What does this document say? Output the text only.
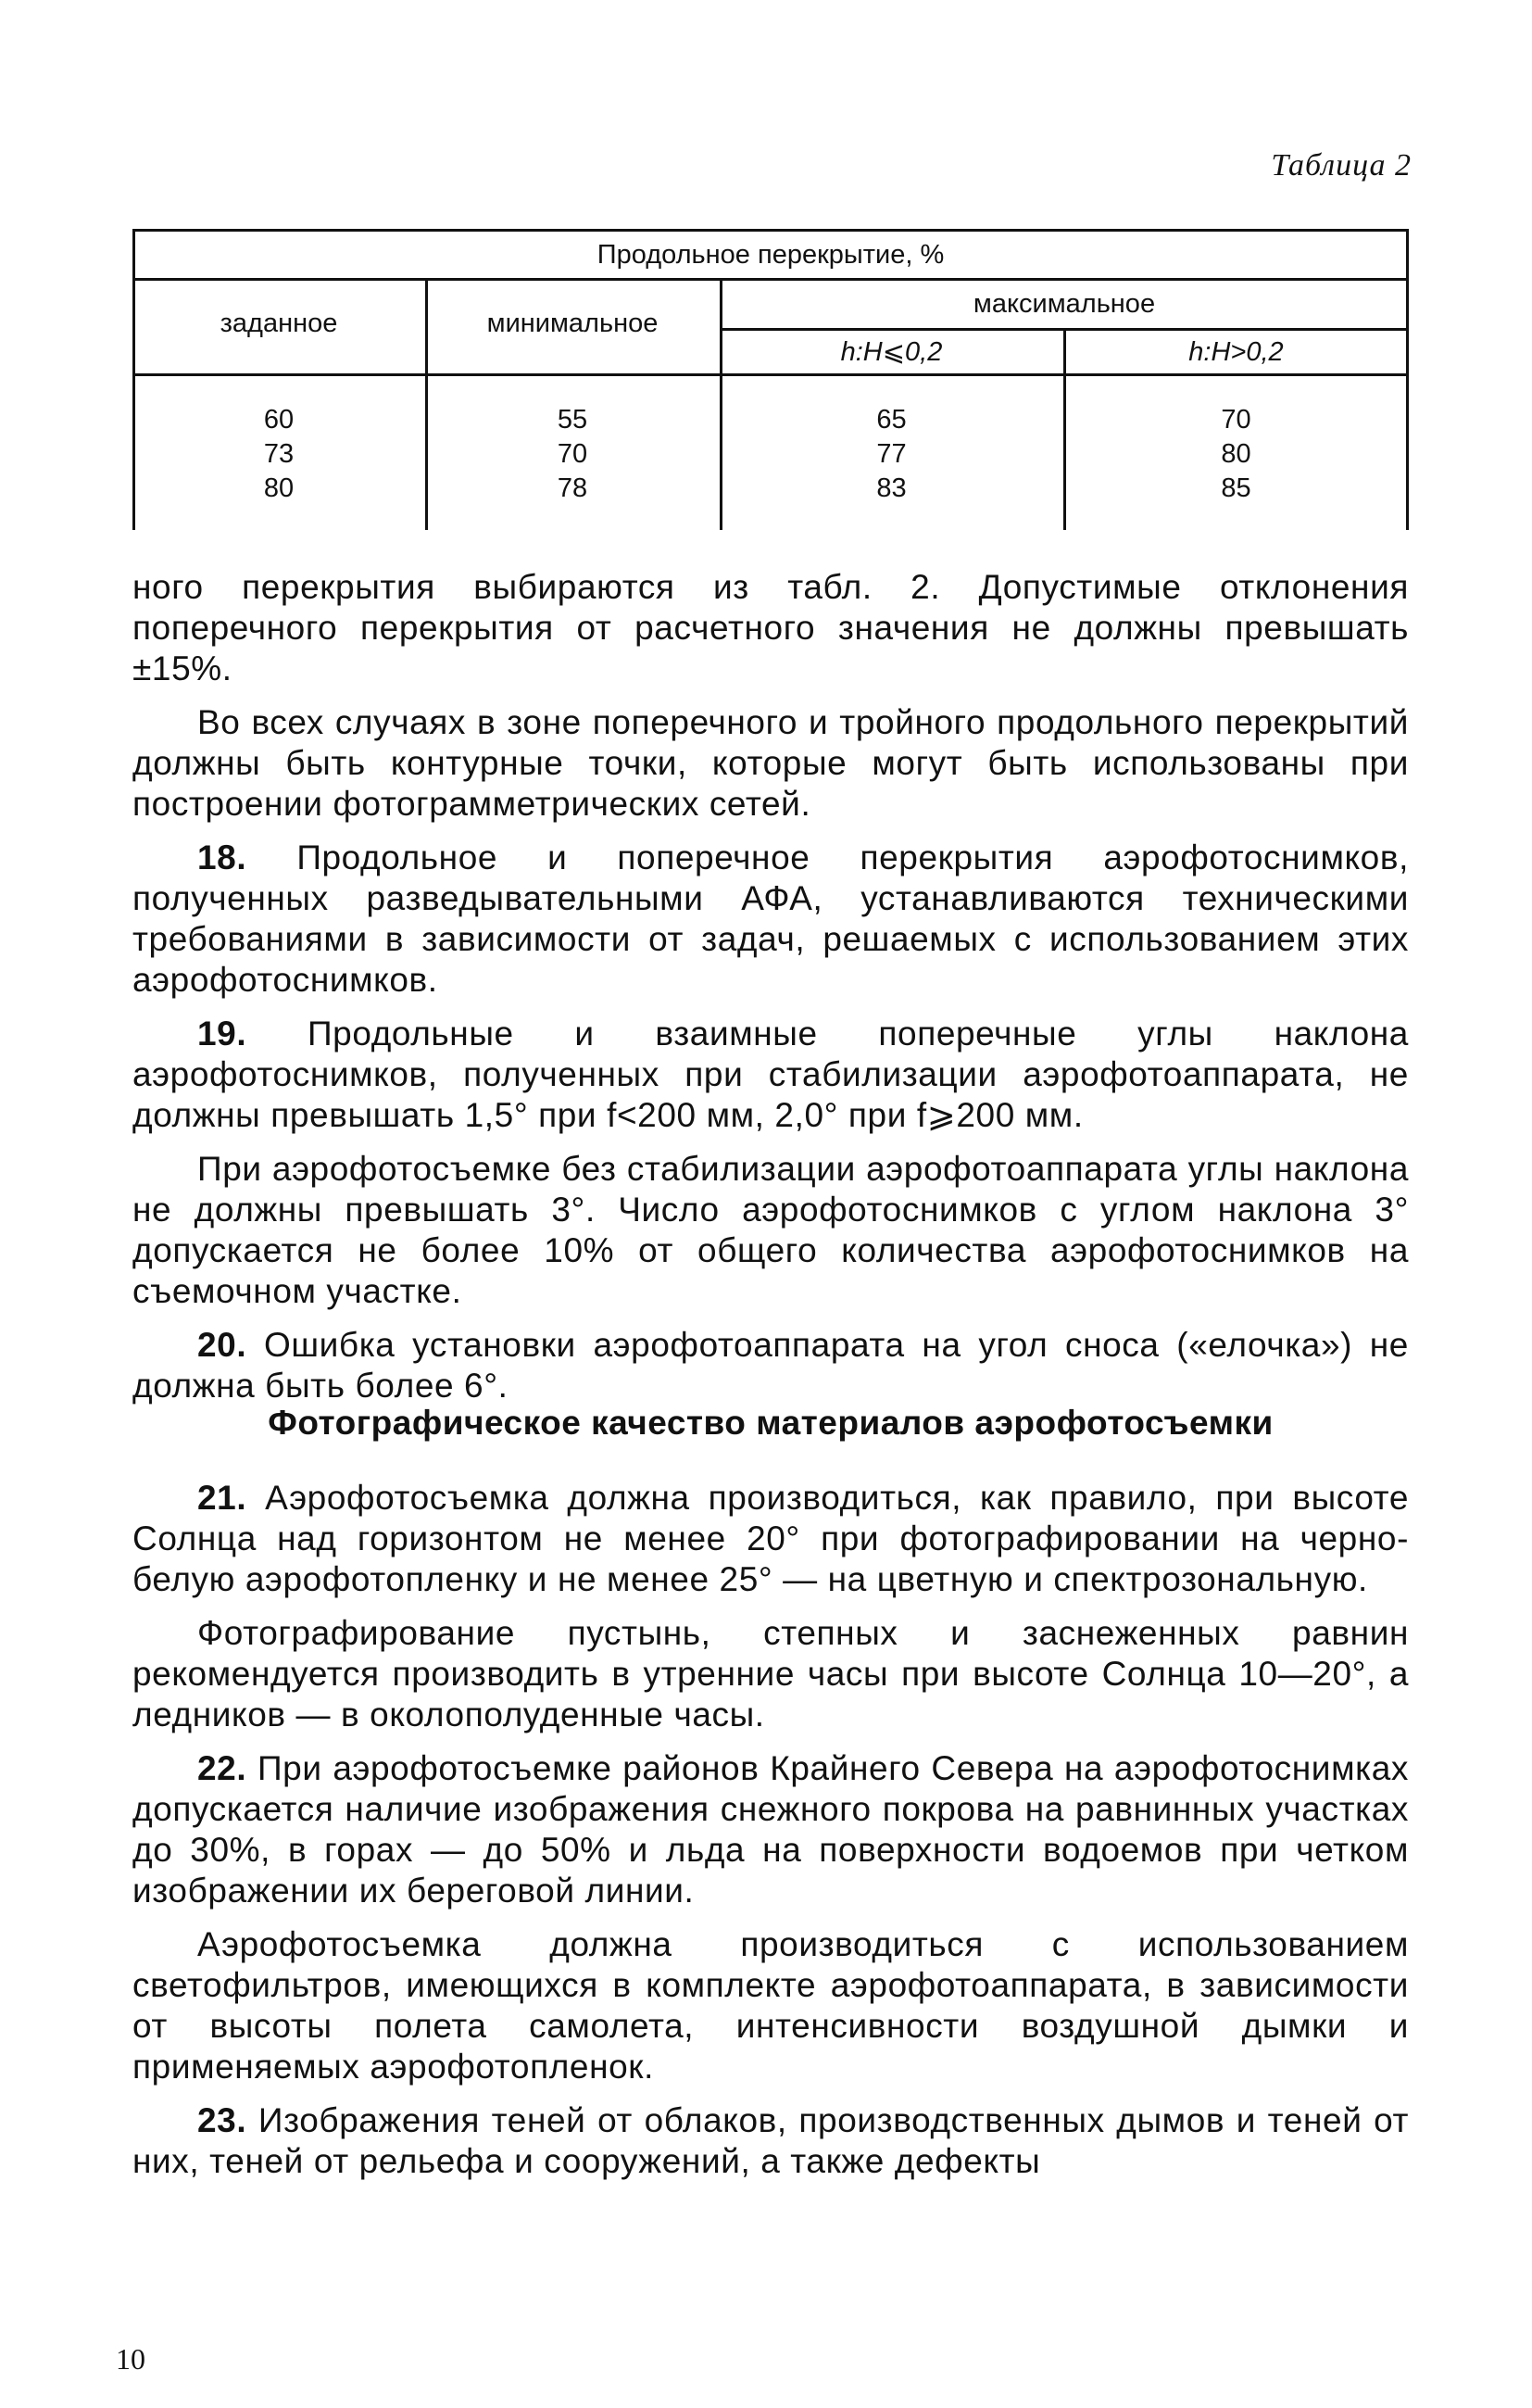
Таблица 2
Продольное перекрытие, %
заданное	минимальное
максимальное
h:H⩽0,2	h:H>0,2
60
73
80
55
70
78
65
77
83
70
80
85

ного перекрытия выбираются из табл. 2. Допустимые отклонения поперечного перекрытия от расчетного значения не должны превышать ±15%.

Во всех случаях в зоне поперечного и тройного продольного перекрытий должны быть контурные точки, которые могут быть использованы при построении фотограмметрических сетей.

18. Продольное и поперечное перекрытия аэрофотоснимков, полученных разведывательными АФА, устанавливаются техническими требованиями в зависимости от задач, решаемых с использованием этих аэрофотоснимков.

19. Продольные и взаимные поперечные углы наклона аэрофотоснимков, полученных при стабилизации аэрофотоаппарата, не должны превышать 1,5° при f<200 мм, 2,0° при f⩾200 мм.

При аэрофотосъемке без стабилизации аэрофотоаппарата углы наклона не должны превышать 3°. Число аэрофотоснимков с углом наклона 3° допускается не более 10% от общего количества аэрофотоснимков на съемочном участке.

20. Ошибка установки аэрофотоаппарата на угол сноса («елочка») не должна быть более 6°.

Фотографическое качество материалов аэрофотосъемки

21. Аэрофотосъемка должна производиться, как правило, при высоте Солнца над горизонтом не менее 20° при фотографировании на черно-белую аэрофотопленку и не менее 25° — на цветную и спектрозональную.

Фотографирование пустынь, степных и заснеженных равнин рекомендуется производить в утренние часы при высоте Солнца 10—20°, а ледников — в околополуденные часы.

22. При аэрофотосъемке районов Крайнего Севера на аэрофотоснимках допускается наличие изображения снежного покрова на равнинных участках до 30%, в горах — до 50% и льда на поверхности водоемов при четком изображении их береговой линии.

Аэрофотосъемка должна производиться с использованием светофильтров, имеющихся в комплекте аэрофотоаппарата, в зависимости от высоты полета самолета, интенсивности воздушной дымки и применяемых аэрофотопленок.

23. Изображения теней от облаков, производственных дымов и теней от них, теней от рельефа и сооружений, а также дефекты

10
